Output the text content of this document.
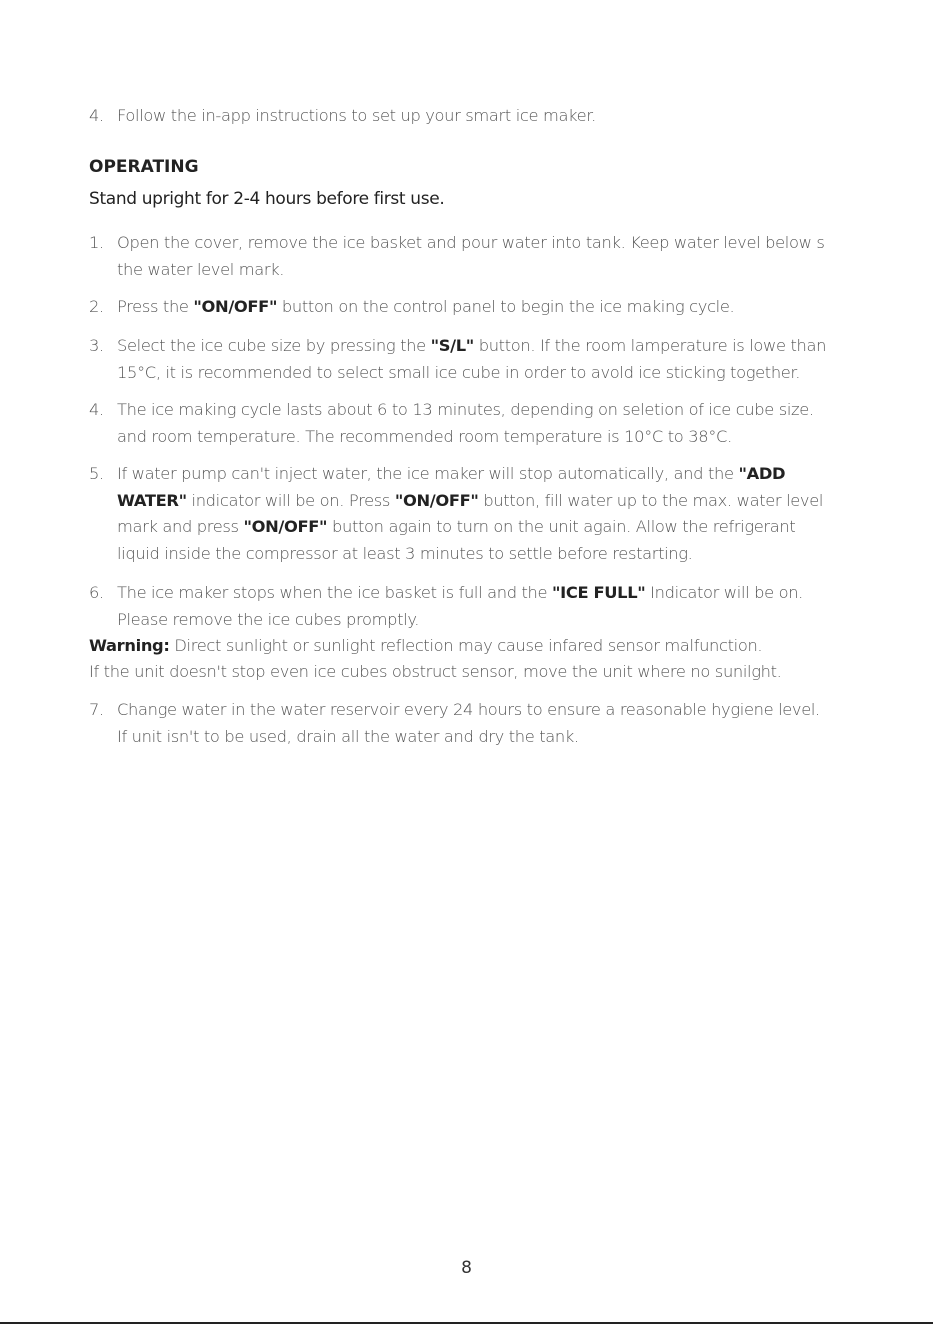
4. Follow the in-app instructions to set up your smart ice maker.
OPERATING
Stand upright for 2-4 hours before first use.
1. Open the cover, remove the ice basket and pour water into tank. Keep water level below s
the water level mark.
2. Press the "ON/OFF" button on the control panel to begin the ice making cycle.
3. Select the ice cube size by pressing the "S/L" button. If the room lamperature is lowe than
15°C, it is recommended to select small ice cube in order to avold ice sticking together.
4. The ice making cycle lasts about 6 to 13 minutes, depending on seletion of ice cube size.
and room temperature. The recommended room temperature is 10°C to 38°C.
5. If water pump can't inject water, the ice maker will stop automatically, and the "ADD
WATER" indicator will be on. Press "ON/OFF" button, fill water up to the max. water level
mark and press "ON/OFF" button again to turn on the unit again. Allow the refrigerant
liquid inside the compressor at least 3 minutes to settle before restarting.
6. The ice maker stops when the ice basket is full and the "ICE FULL" Indicator will be on.
Please remove the ice cubes promptly.
Warning: Direct sunlight or sunlight reflection may cause infared sensor malfunction.
If the unit doesn't stop even ice cubes obstruct sensor, move the unit where no sunilght.
7. Change water in the water reservoir every 24 hours to ensure a reasonable hygiene level.
If unit isn't to be used, drain all the water and dry the tank.
8
